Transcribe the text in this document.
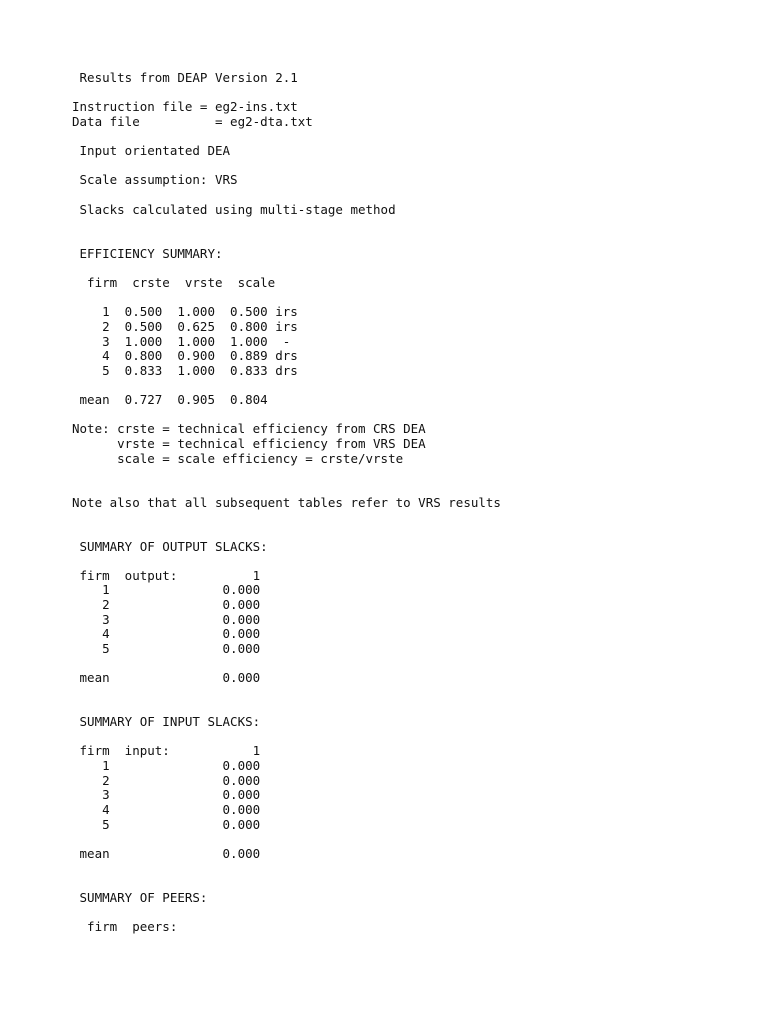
Results from DEAP Version 2.1
Instruction file = eg2-ins.txt
Data file          = eg2-dta.txt
Input orientated DEA
Scale assumption: VRS
Slacks calculated using multi-stage method
EFFICIENCY SUMMARY:
firm  crste  vrste  scale
1  0.500  1.000  0.500 irs
2  0.500  0.625  0.800 irs
3  1.000  1.000  1.000  -
4  0.800  0.900  0.889 drs
5  0.833  1.000  0.833 drs
mean  0.727  0.905  0.804
Note: crste = technical efficiency from CRS DEA
vrste = technical efficiency from VRS DEA
scale = scale efficiency = crste/vrste
Note also that all subsequent tables refer to VRS results
SUMMARY OF OUTPUT SLACKS:
firm  output:          1
1               0.000
2               0.000
3               0.000
4               0.000
5               0.000
mean               0.000
SUMMARY OF INPUT SLACKS:
firm  input:           1
1               0.000
2               0.000
3               0.000
4               0.000
5               0.000
mean               0.000
SUMMARY OF PEERS:
firm  peers:
